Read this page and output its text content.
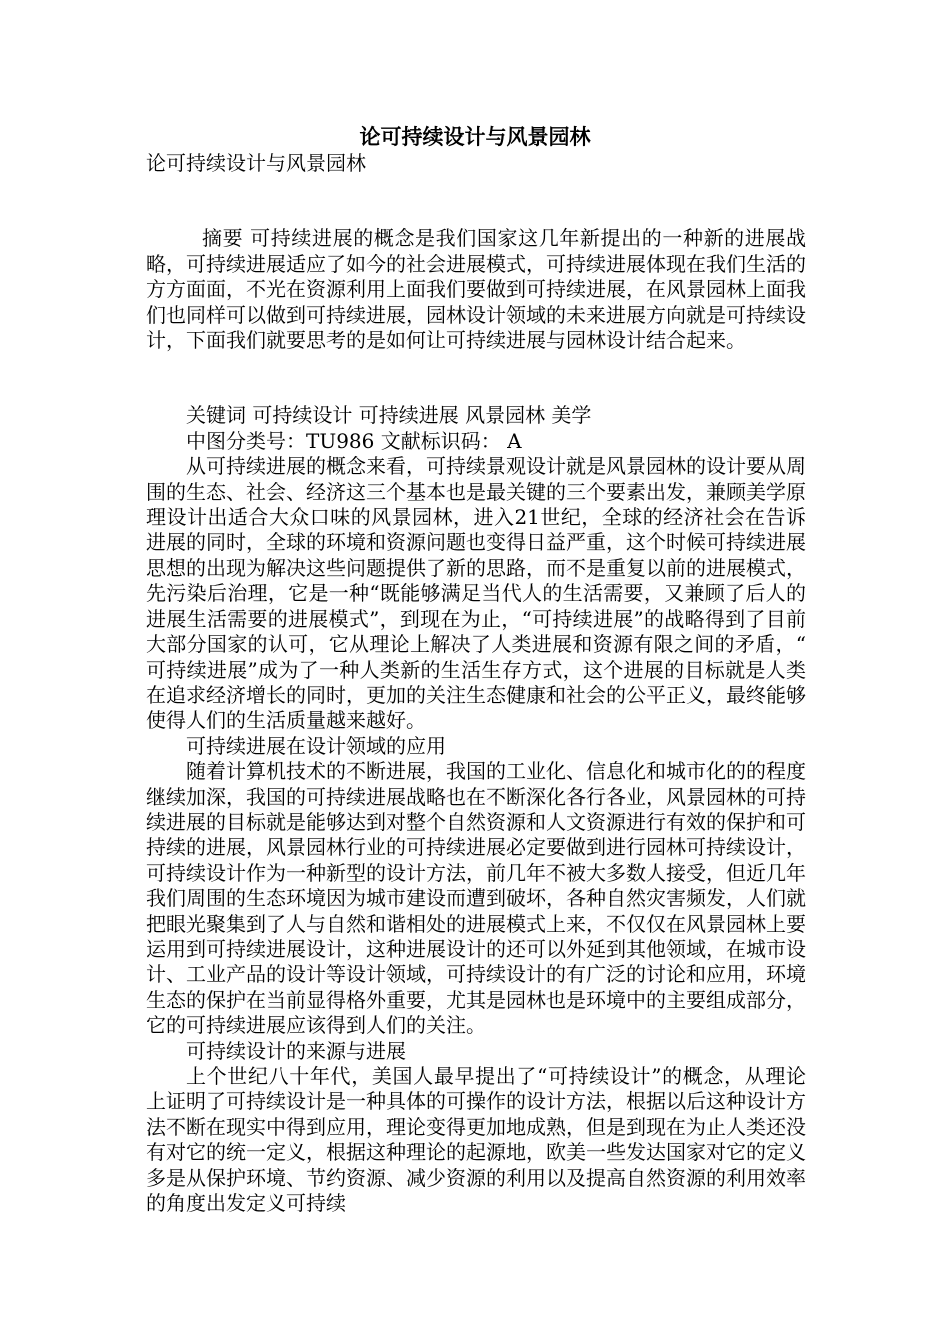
论可持续设计与风景园林

论可持续设计与风景园林

摘要 可持续进展的概念是我们国家这几年新提出的一种新的进展战略，可持续进展适应了如今的社会进展模式，可持续进展体现在我们生活的方方面面，不光在资源利用上面我们要做到可持续进展，在风景园林上面我们也同样可以做到可持续进展，园林设计领域的未来进展方向就是可持续设计，下面我们就要思考的是如何让可持续进展与园林设计结合起来。

关键词 可持续设计 可持续进展 风景园林 美学

中图分类号：TU986 文献标识码： A

从可持续进展的概念来看，可持续景观设计就是风景园林的设计要从周围的生态、社会、经济这三个基本也是最关键的三个要素出发，兼顾美学原理设计出适合大众口味的风景园林，进入21世纪，全球的经济社会在告诉进展的同时，全球的环境和资源问题也变得日益严重，这个时候可持续进展思想的出现为解决这些问题提供了新的思路，而不是重复以前的进展模式，先污染后治理，它是一种“既能够满足当代人的生活需要，又兼顾了后人的进展生活需要的进展模式”，到现在为止，“可持续进展”的战略得到了目前大部分国家的认可，它从理论上解决了人类进展和资源有限之间的矛盾，“可持续进展”成为了一种人类新的生活生存方式，这个进展的目标就是人类在追求经济增长的同时，更加的关注生态健康和社会的公平正义，最终能够使得人们的生活质量越来越好。

可持续进展在设计领域的应用

随着计算机技术的不断进展，我国的工业化、信息化和城市化的的程度继续加深，我国的可持续进展战略也在不断深化各行各业，风景园林的可持续进展的目标就是能够达到对整个自然资源和人文资源进行有效的保护和可持续的进展，风景园林行业的可持续进展必定要做到进行园林可持续设计，可持续设计作为一种新型的设计方法，前几年不被大多数人接受，但近几年我们周围的生态环境因为城市建设而遭到破坏，各种自然灾害频发，人们就把眼光聚集到了人与自然和谐相处的进展模式上来，不仅仅在风景园林上要运用到可持续进展设计，这种进展设计的还可以外延到其他领域，在城市设计、工业产品的设计等设计领域，可持续设计的有广泛的讨论和应用，环境生态的保护在当前显得格外重要，尤其是园林也是环境中的主要组成部分，它的可持续进展应该得到人们的关注。

可持续设计的来源与进展

上个世纪八十年代，美国人最早提出了“可持续设计”的概念，从理论上证明了可持续设计是一种具体的可操作的设计方法，根据以后这种设计方法不断在现实中得到应用，理论变得更加地成熟，但是到现在为止人类还没有对它的统一定义，根据这种理论的起源地，欧美一些发达国家对它的定义多是从保护环境、节约资源、减少资源的利用以及提高自然资源的利用效率的角度出发定义可持续
